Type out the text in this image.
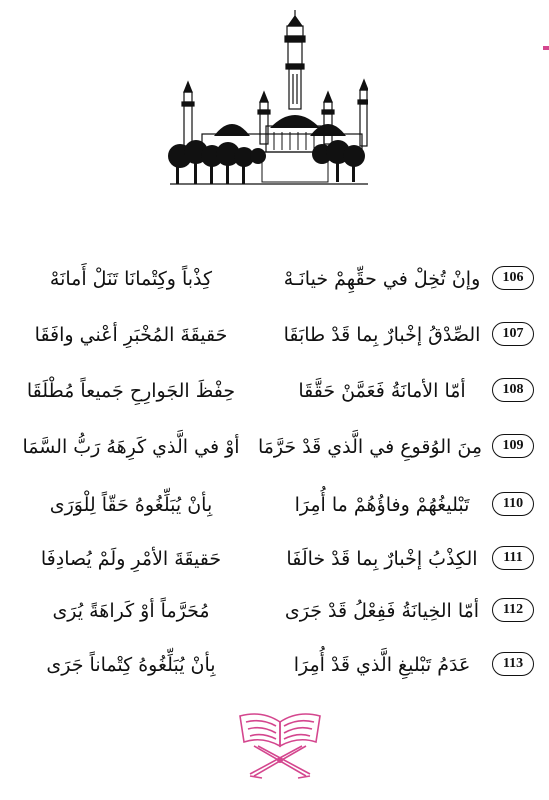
106
وإنْ تُخِلْ في حقِّهِمْ خيانَـهْ
كِذْباً وكِتْمانَا تَنَلْ أَمانَهْ
107
الصِّدْقُ إخْبارٌ بِما قَدْ طابَقَا
حَقيقَةَ المُخْبَرِ أعْني وافَقَا
108
أمّا الأمانَةُ فَعَمَّنْ حَقَّقَا
حِفْظَ الجَوارِحِ جَميعاً مُطْلَقَا
109
مِنَ الوُقوعِ في الَّذي قَدْ حَرَّمَا
أوْ في الَّذي كَرِهَهُ رَبُّ السَّمَا
110
تَبْليغُهُمْ وفاؤُهُمْ ما أُمِرَا
بِأنْ يُبَلِّغُوهُ حَقّاً لِلْوَرَى
111
الكِذْبُ إخْبارٌ بِما قَدْ خالَفَا
حَقيقَةَ الأمْرِ ولَمْ يُصادِفَا
112
أمّا الخِيانَةُ فَفِعْلُ قَدْ جَرَى
مُحَرَّماً أوْ كَراهَةً يُرَى
113
عَدَمُ تَبْليغِ الَّذي قَدْ أُمِرَا
بِأنْ يُبَلِّغُوهُ كِتْماناً جَرَى
